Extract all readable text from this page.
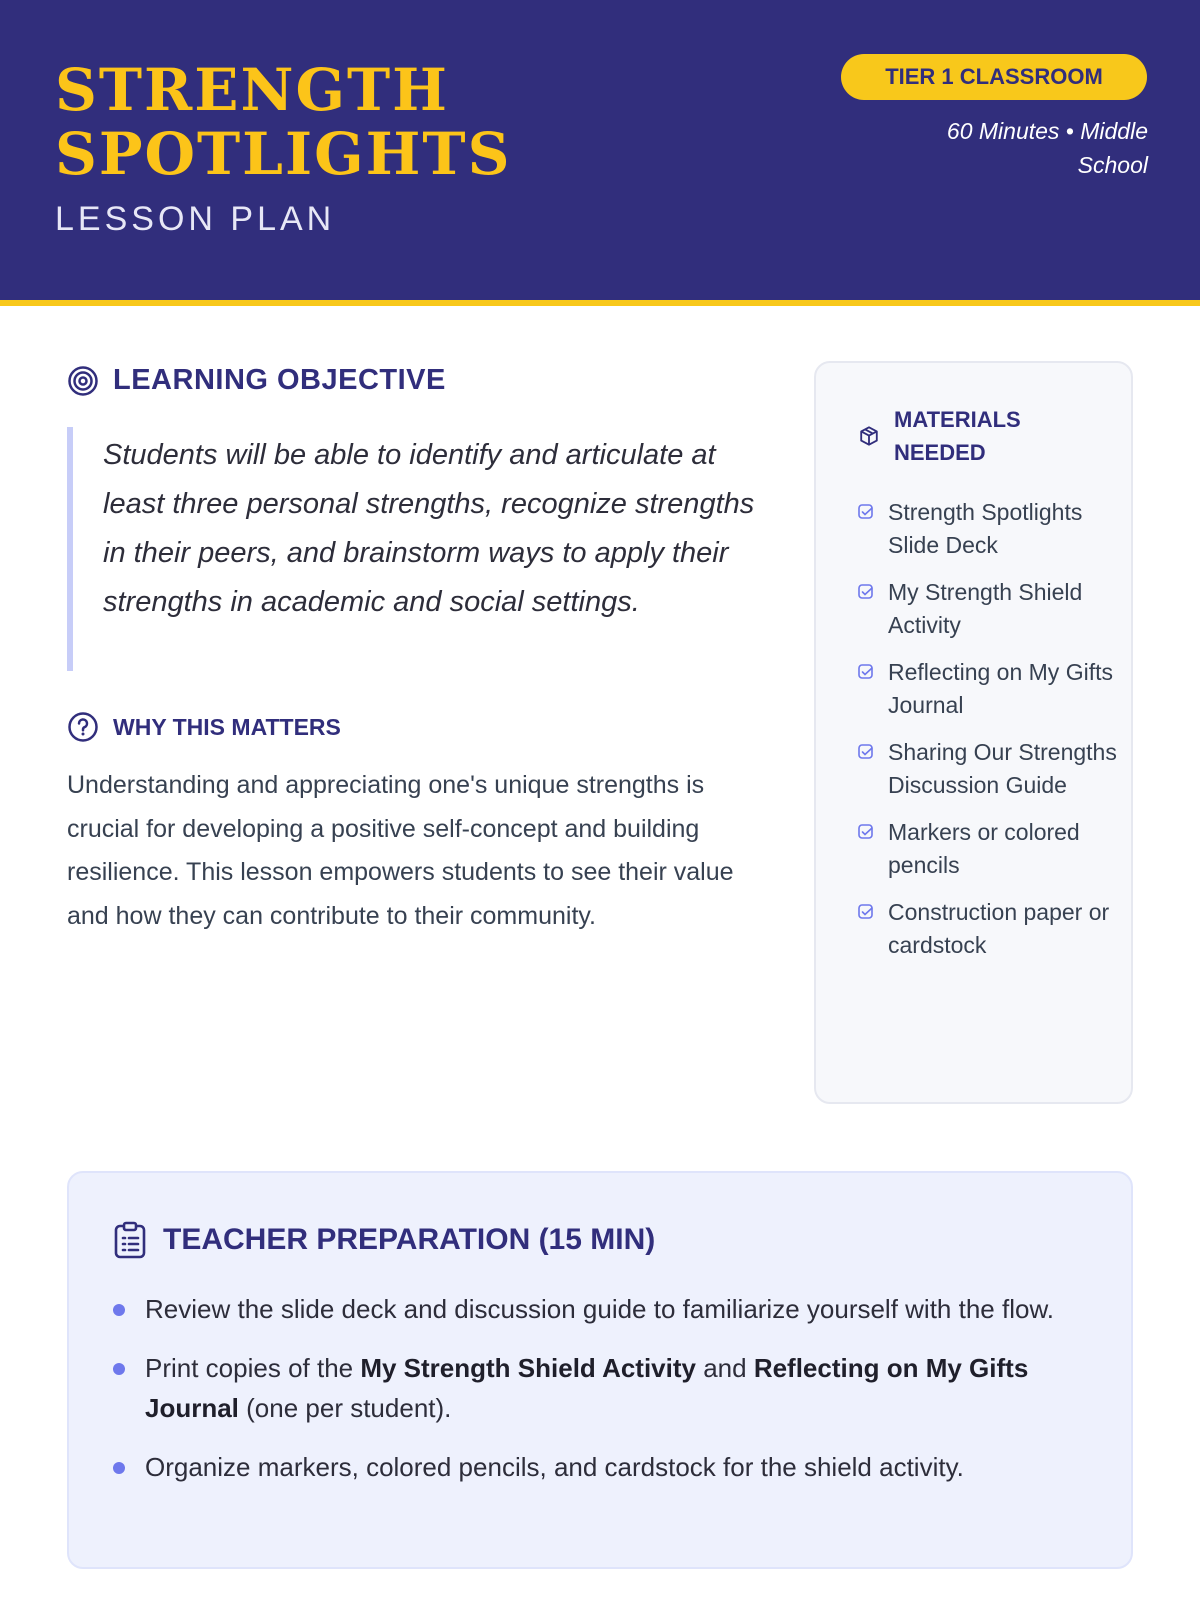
STRENGTH
SPOTLIGHTS
LESSON PLAN
TIER 1 CLASSROOM
60 Minutes • Middle School
LEARNING OBJECTIVE
Students will be able to identify and articulate at least three personal strengths, recognize strengths in their peers, and brainstorm ways to apply their strengths in academic and social settings.
WHY THIS MATTERS
Understanding and appreciating one's unique strengths is crucial for developing a positive self-concept and building resilience. This lesson empowers students to see their value and how they can contribute to their community.
MATERIALS NEEDED
Strength Spotlights Slide Deck
My Strength Shield Activity
Reflecting on My Gifts Journal
Sharing Our Strengths Discussion Guide
Markers or colored pencils
Construction paper or cardstock
TEACHER PREPARATION (15 MIN)
Review the slide deck and discussion guide to familiarize yourself with the flow.
Print copies of the My Strength Shield Activity and Reflecting on My Gifts Journal (one per student).
Organize markers, colored pencils, and cardstock for the shield activity.
